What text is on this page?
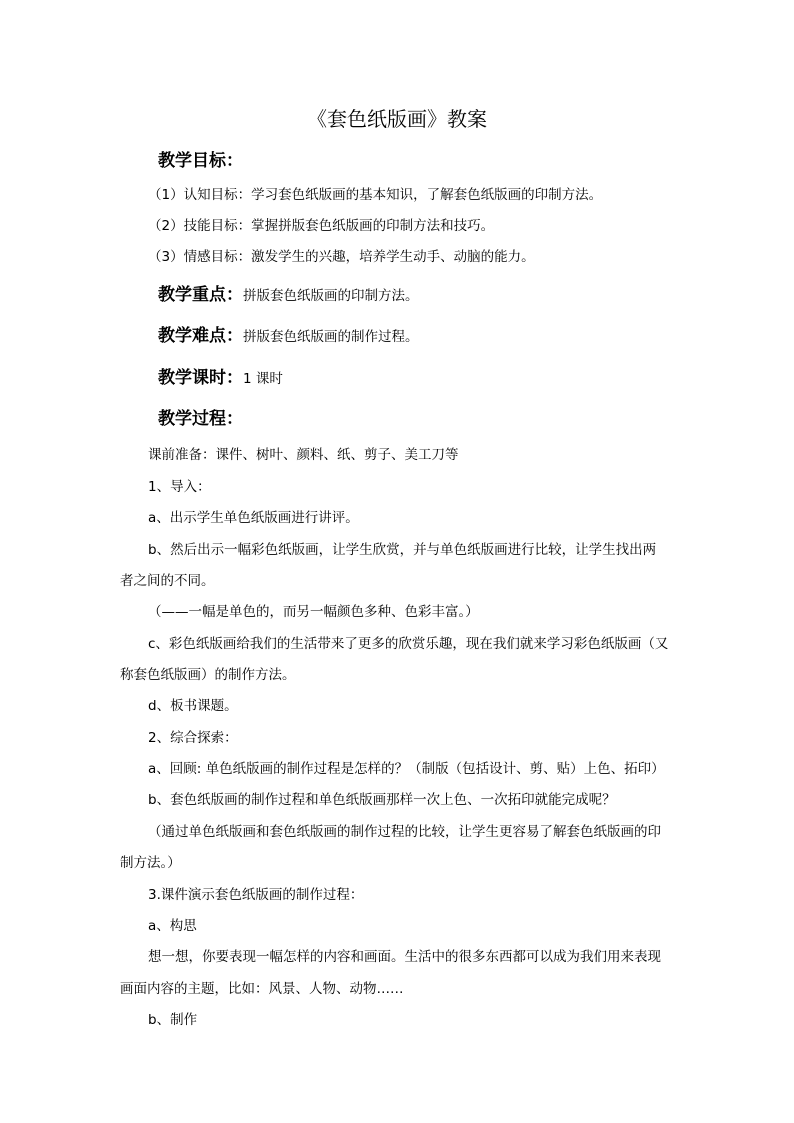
《套色纸版画》教案
教学目标：
（1）认知目标：学习套色纸版画的基本知识，了解套色纸版画的印制方法。
（2）技能目标：掌握拼版套色纸版画的印制方法和技巧。
（3）情感目标：激发学生的兴趣，培养学生动手、动脑的能力。
教学重点：拼版套色纸版画的印制方法。
教学难点：拼版套色纸版画的制作过程。
教学课时：1 课时
教学过程：
课前准备：课件、树叶、颜料、纸、剪子、美工刀等
1、导入：
a、出示学生单色纸版画进行讲评。
b、然后出示一幅彩色纸版画，让学生欣赏，并与单色纸版画进行比较，让学生找出两
者之间的不同。
（——一幅是单色的，而另一幅颜色多种、色彩丰富。）
c、彩色纸版画给我们的生活带来了更多的欣赏乐趣，现在我们就来学习彩色纸版画（又
称套色纸版画）的制作方法。
d、板书课题。
2、综合探索：
a、回顾: 单色纸版画的制作过程是怎样的？（制版（包括设计、剪、贴）上色、拓印）
b、套色纸版画的制作过程和单色纸版画那样一次上色、一次拓印就能完成呢？
（通过单色纸版画和套色纸版画的制作过程的比较，让学生更容易了解套色纸版画的印
制方法。）
3.课件演示套色纸版画的制作过程：
a、构思
想一想，你要表现一幅怎样的内容和画面。生活中的很多东西都可以成为我们用来表现
画面内容的主题，比如：风景、人物、动物……
b、制作
